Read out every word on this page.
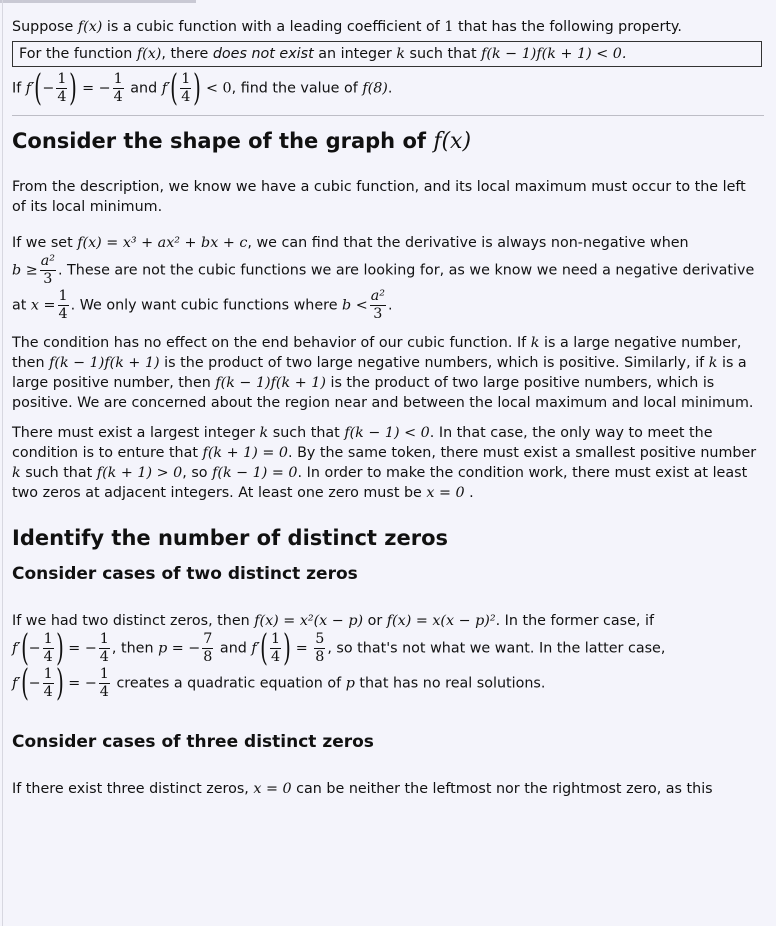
Suppose f(x) is a cubic function with a leading coefficient of 1 that has the following property.

For the function f(x), there does not exist an integer k such that f(k − 1)f(k + 1) < 0.

If $f'(- \frac{1}{4}$ ) = − $\frac{1}{4}$ and $f'( \frac{1}{4}$ ) < 0, find the value of f(8).

Consider the shape of the graph of f(x)

From the description, we know we have a cubic function, and its local maximum must occur to the left of its local minimum.

If we set f(x) = x³ + ax² + bx + c, we can find that the derivative is always non-negative when
$b \ge \frac{\text{a²}}{3}$ . These are not the cubic functions we are looking for, as we know we need a negative derivative
at $x = \frac{1}{4}$ . We only want cubic functions where $b < \frac{\text{a²}}{3}$ .

The condition has no effect on the end behavior of our cubic function. If k is a large negative number, then f(k − 1)f(k + 1) is the product of two large negative numbers, which is positive. Similarly, if k is a large positive number, then f(k − 1)f(k + 1) is the product of two large positive numbers, which is positive. We are concerned about the region near and between the local maximum and local minimum.

There must exist a largest integer k such that f(k − 1) < 0. In that case, the only way to meet the condition is to enture that f(k + 1) = 0. By the same token, there must exist a smallest positive number k such that f(k + 1) > 0, so f(k − 1) = 0. In order to make the condition work, there must exist at least two zeros at adjacent integers. At least one zero must be x = 0 .

Identify the number of distinct zeros
Consider cases of two distinct zeros

If we had two distinct zeros, then f(x) = x²(x − p) or f(x) = x(x − p)². In the former case, if
$f'(- \frac{1}{4}$ ) = − $\frac{1}{4}$ , then p = − $\frac{7}{8}$ and $f'( \frac{1}{4}$ ) = $\frac{5}{8}$ , so that's not what we want. In the latter case,
$f'(- \frac{1}{4}$ ) = − $\frac{1}{4}$ creates a quadratic equation of p that has no real solutions.

Consider cases of three distinct zeros

If there exist three distinct zeros, x = 0 can be neither the leftmost nor the rightmost zero, as this
